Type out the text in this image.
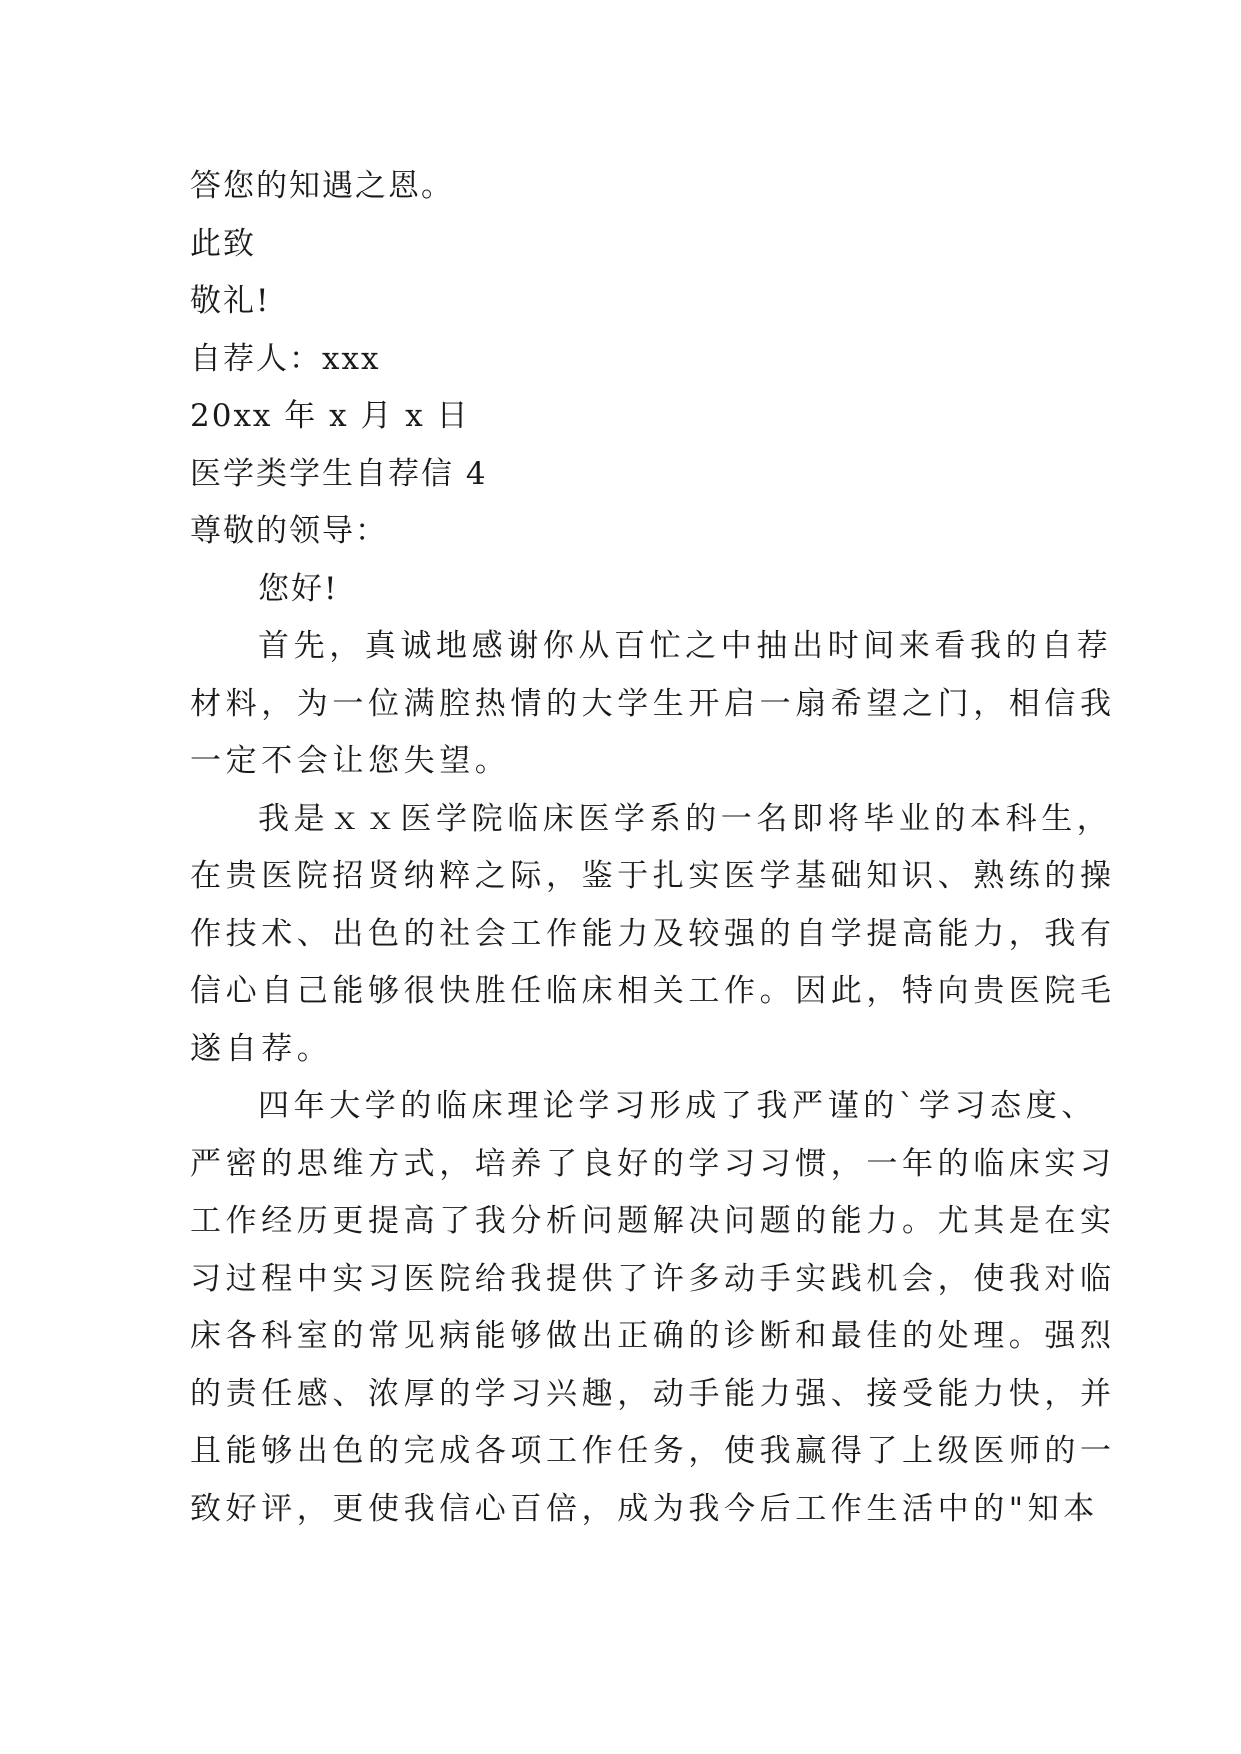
答您的知遇之恩。
此致
敬礼!
自荐人：xxx
20xx 年 x 月 x 日
医学类学生自荐信 4
尊敬的领导：
您好!
首先，真诚地感谢你从百忙之中抽出时间来看我的自荐
材料，为一位满腔热情的大学生开启一扇希望之门，相信我
一定不会让您失望。
我是ｘｘ医学院临床医学系的一名即将毕业的本科生，
在贵医院招贤纳粹之际，鉴于扎实医学基础知识、熟练的操
作技术、出色的社会工作能力及较强的自学提高能力，我有
信心自己能够很快胜任临床相关工作。因此，特向贵医院毛
遂自荐。
四年大学的临床理论学习形成了我严谨的`学习态度、
严密的思维方式，培养了良好的学习习惯，一年的临床实习
工作经历更提高了我分析问题解决问题的能力。尤其是在实
习过程中实习医院给我提供了许多动手实践机会，使我对临
床各科室的常见病能够做出正确的诊断和最佳的处理。强烈
的责任感、浓厚的学习兴趣，动手能力强、接受能力快，并
且能够出色的完成各项工作任务，使我赢得了上级医师的一
致好评，更使我信心百倍，成为我今后工作生活中的"知本
